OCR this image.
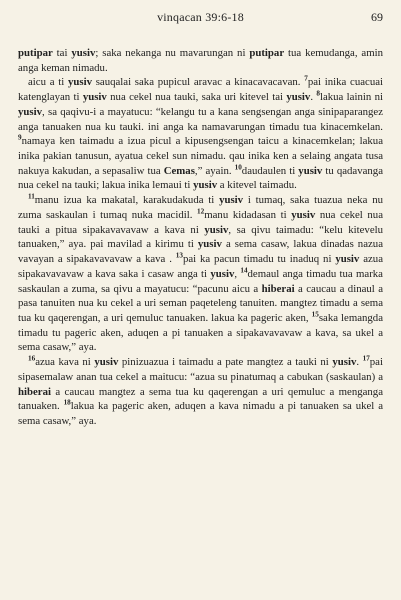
vinqacan 39:6-18	69

putipar tai yusiv; saka nekanga nu mavarungan ni putipar tua kemudanga, amin anga keman nimadu.

aicu a ti yusiv sauqalai saka pupicul aravac a kinacavacavan. $^7$pai inika cuacuai katenglayan ti yusiv nua cekel nua tauki, saka uri kitevel tai yusiv. $^8$lakua lainin ni yusiv, sa qaqivu-i a mayatucu: “kelangu tu a kana sengsengan anga sinipaparangez anga tanuaken nua ku tauki. ini anga ka namavarungan timadu tua kinacemkelan. $^9$namaya ken taimadu a izua picul a kipusengsengan taicu a kinacemkelan; lakua inika pakian tanusun, ayatua cekel sun nimadu. qau inika ken a selaing angata tusa nakuya kakudan, a sepasaliw tua Cemas,” ayain. $^{10}$daudaulen ti yusiv tu qadavanga nua cekel na tauki; lakua inika lemaui ti yusiv a kitevel taimadu.

$^{11}$manu izua ka makatal, karakudakuda ti yusiv i tumaq, saka tuazua neka nu zuma saskaulan i tumaq nuka macidil. $^{12}$manu kidadasan ti yusiv nua cekel nua tauki a pitua sipakavavavaw a kava ni yusiv, sa qivu taimadu: “kelu kitevelu tanuaken,” aya. pai mavilad a kirimu ti yusiv a sema casaw, lakua dinadas nazua vavayan a sipakavavavaw a kava . $^{13}$pai ka pacun timadu tu inaduq ni yusiv azua sipakavavavaw a kava saka i casaw anga ti yusiv, $^{14}$demaul anga timadu tua marka saskaulan a zuma, sa qivu a mayatucu: “pacunu aicu a hiberai a caucau a dinaul a pasa tanuiten nua ku cekel a uri seman paqeteleng tanuiten. mangtez timadu a sema tua ku qaqerengan, a uri qemuluc tanuaken. lakua ka pageric aken, $^{15}$saka lemangda timadu tu pageric aken, aduqen a pi tanuaken a sipakavavavaw a kava, sa ukel a sema casaw,” aya.

$^{16}$azua kava ni yusiv pinizuazua i taimadu a pate mangtez a tauki ni yusiv. $^{17}$pai sipasemalaw anan tua cekel a maitucu: “azua su pinatumaq a cabukan (saskaulan) a hiberai a caucau mangtez a sema tua ku qaqerengan a uri qemuluc a menganga tanuaken. $^{18}$lakua ka pageric aken, aduqen a kava nimadu a pi tanuaken sa ukel a sema casaw,” aya.
